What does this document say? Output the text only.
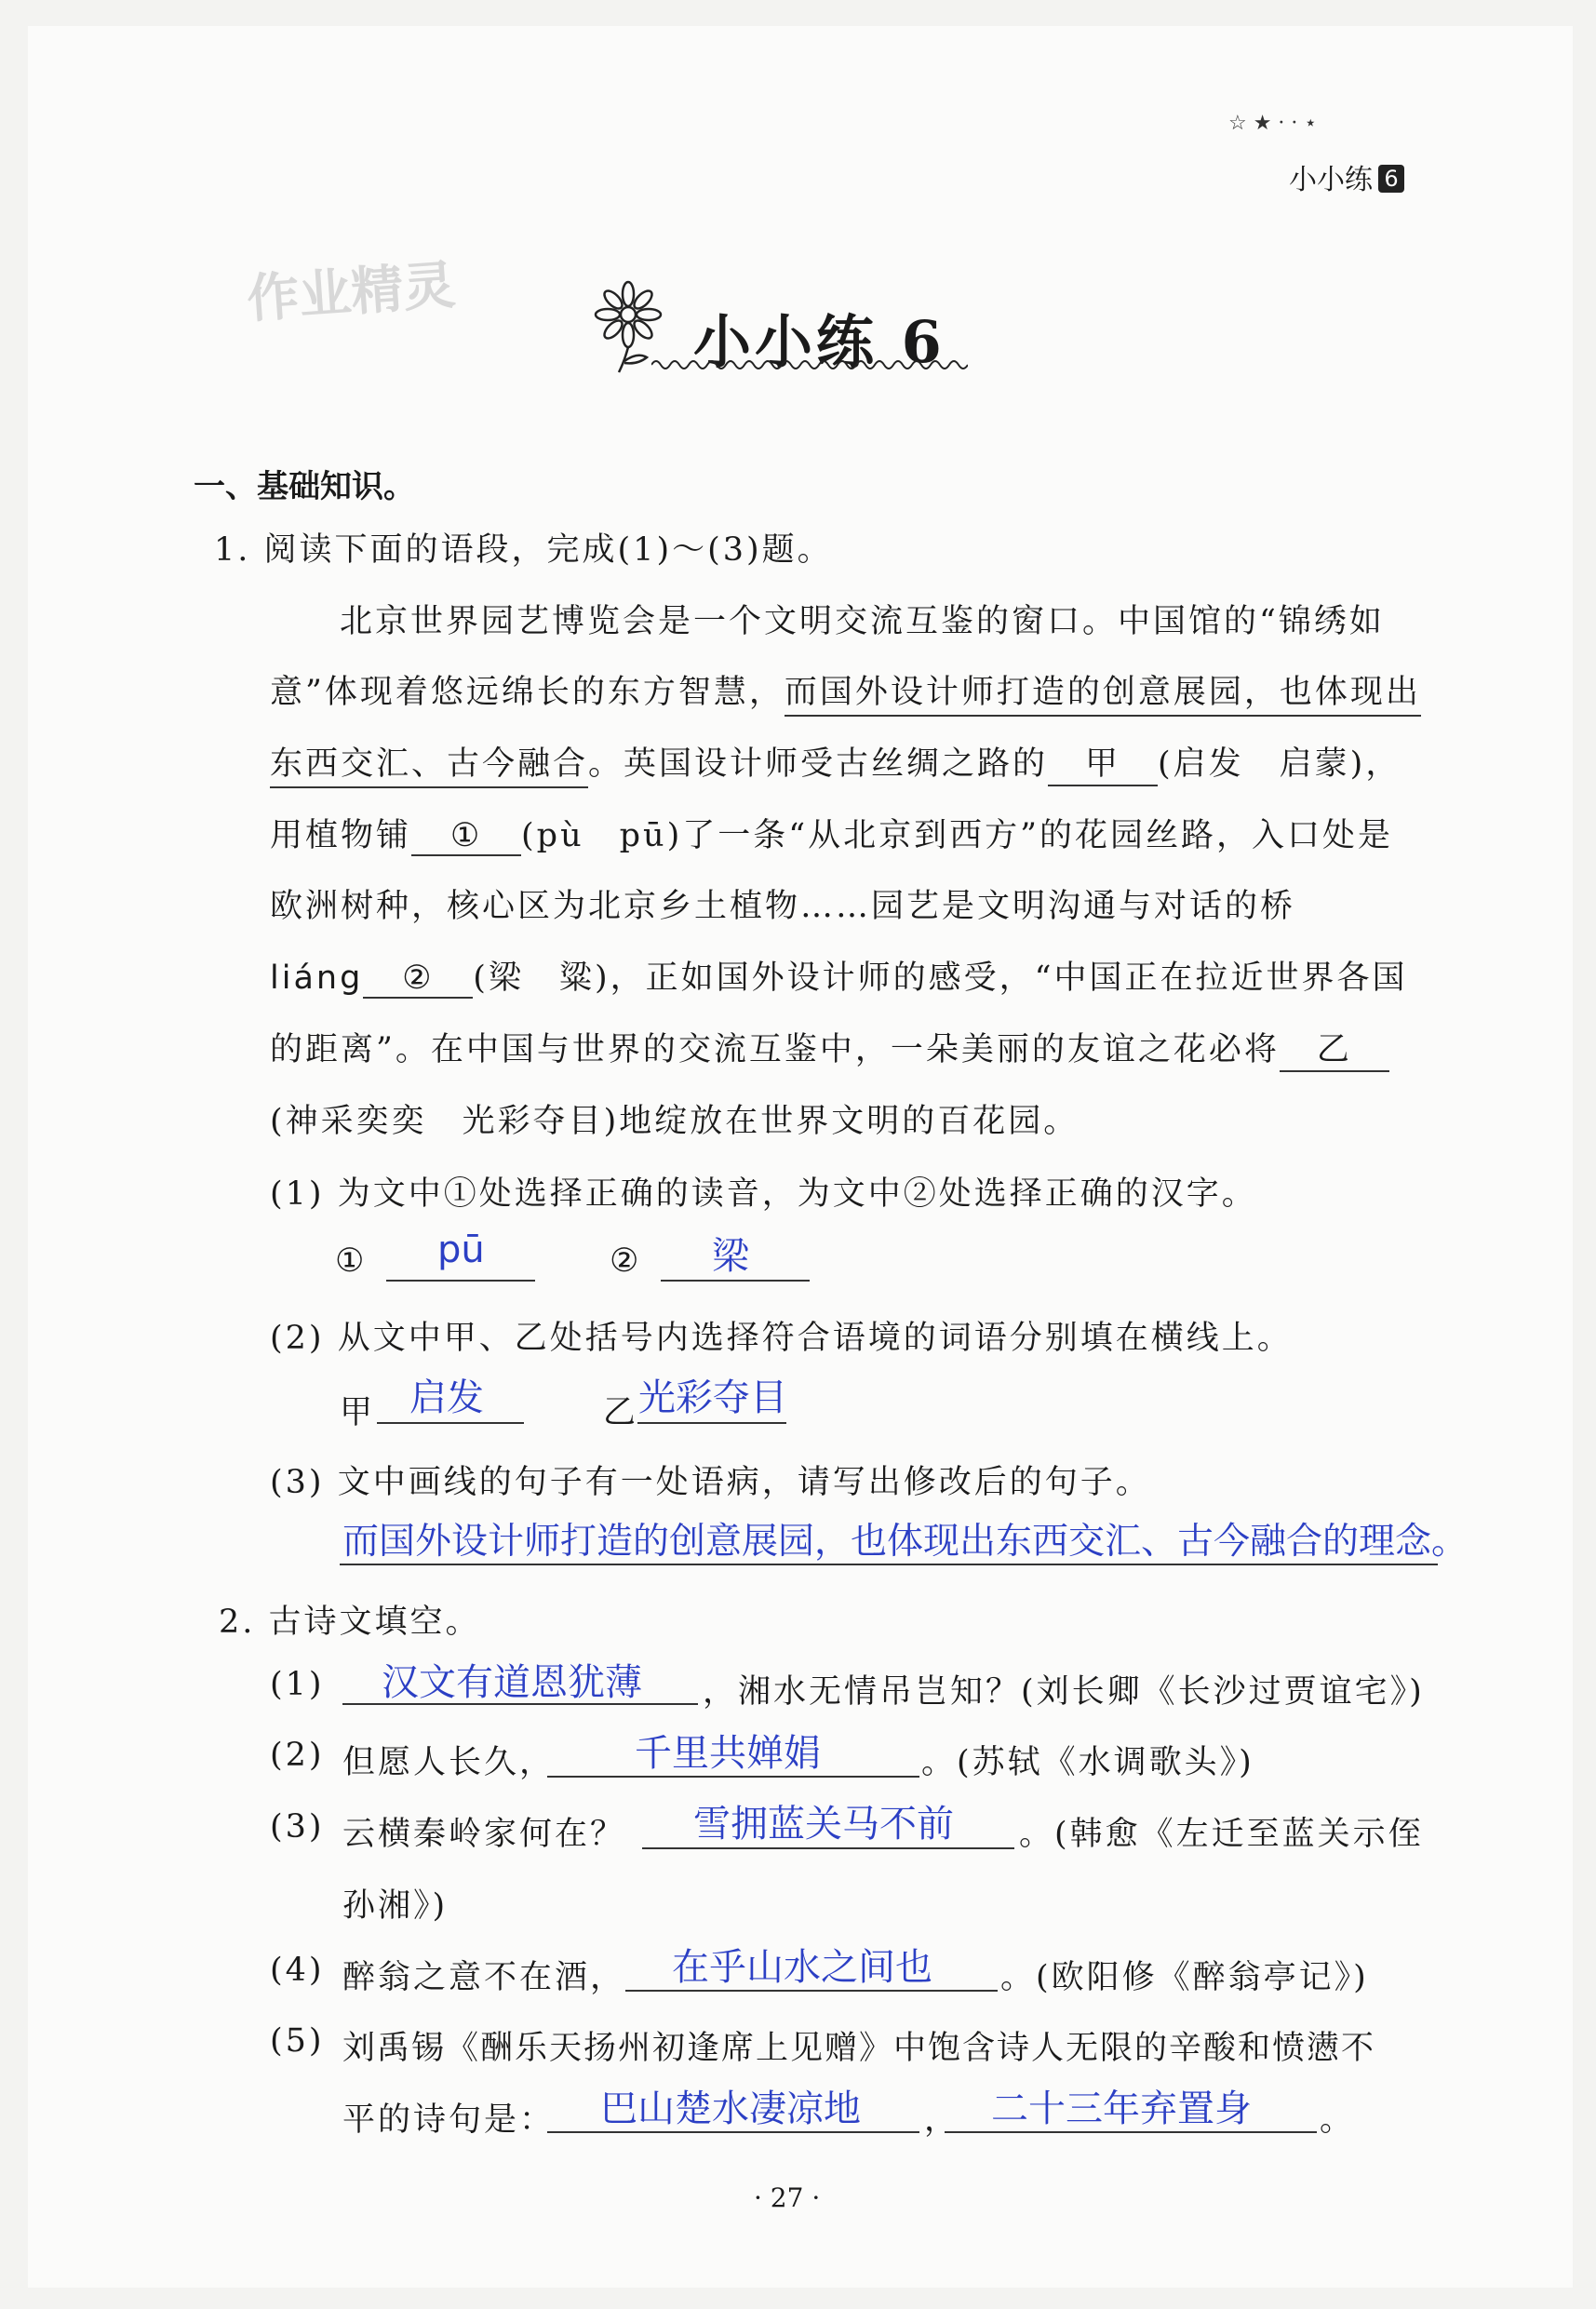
☆ ★ · · ⋆
小小练 6
作业精灵
小小练 6
一、基础知识。
1. 阅读下面的语段，完成(1)～(3)题。
北京世界园艺博览会是一个文明交流互鉴的窗口。中国馆的“锦绣如
意”体现着悠远绵长的东方智慧，而国外设计师打造的创意展园，也体现出
东西交汇、古今融合。英国设计师受古丝绸之路的 甲 (启发　启蒙)，
用植物铺 ① (pù　pū)了一条“从北京到西方”的花园丝路，入口处是
欧洲树种，核心区为北京乡土植物……园艺是文明沟通与对话的桥
liáng ② (梁　粱)，正如国外设计师的感受，“中国正在拉近世界各国
的距离”。在中国与世界的交流互鉴中，一朵美丽的友谊之花必将 乙
(神采奕奕　光彩夺目)地绽放在世界文明的百花园。
(1) 为文中①处选择正确的读音，为文中②处选择正确的汉字。
① pū	② 梁
(2) 从文中甲、乙处括号内选择符合语境的词语分别填在横线上。
甲 启发	乙 光彩夺目
(3) 文中画线的句子有一处语病，请写出修改后的句子。
而国外设计师打造的创意展园，也体现出东西交汇、古今融合的理念。
2. 古诗文填空。
(1) 汉文有道恩犹薄 ，湘水无情吊岂知？(刘长卿《长沙过贾谊宅》)
(2) 但愿人长久， 千里共婵娟	。(苏轼《水调歌头》)
(3) 云横秦岭家何在？ 雪拥蓝关马不前 。(韩愈《左迁至蓝关示侄
孙湘》)
(4) 醉翁之意不在酒， 在乎山水之间也 。(欧阳修《醉翁亭记》)
(5) 刘禹锡《酬乐天扬州初逢席上见赠》中饱含诗人无限的辛酸和愤懑不
平的诗句是： 巴山楚水凄凉地 ， 二十三年弃置身 。
· 27 ·
